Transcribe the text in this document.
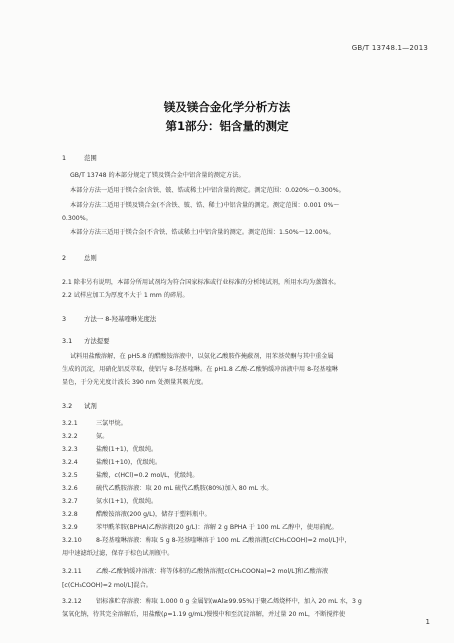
GB/T 13748.1—2013
镁及镁合金化学分析方法
第1部分：铝含量的测定
1	范围
GB/T 13748 的本部分规定了镁及镁合金中铝含量的测定方法。
本部分方法一适用于镁合金(含铁、铍、锆或稀土)中铝含量的测定。测定范围：0.020%～0.300%。
本部分方法二适用于镁及镁合金(不含铁、铍、锆、稀土)中铝含量的测定。测定范围：0.001 0%～
0.300%。
本部分方法三适用于镁合金(不含铁、锆或稀土)中铝含量的测定。测定范围：1.50%～12.00%。
2	总则
2.1 除非另有说明，本部分所用试剂均为符合国家标准或行业标准的分析纯试剂，所用水均为蒸馏水。
2.2 试样应加工为厚度不大于 1 mm 的碎屑。
3	方法一 8-羟基喹啉光度法
3.1 方法提要
试料用盐酸溶解，在 pH5.8 的醋酸铵溶液中，以氨化乙酸胺作掩蔽剂，用苯基荧酮与其中重金属
生成的沉淀，用硝化铝反萃取，使铝与 8-羟基喹啉。在 pH1.8 乙酸-乙酸钠缓冲溶液中用 8-羟基喹啉
显色，于分光光度计波长 390 nm 处测量其吸光度。
3.2 试剂
3.2.1	三氯甲烷。
3.2.2	氨。
3.2.3	盐酸(1+1)，优级纯。
3.2.4	盐酸(1+10)，优级纯。
3.2.5	盐酸，c(HCl)=0.2 mol/L，优级纯。
3.2.6	硫代乙酰胺溶液：取 20 mL 硫代乙酰胺(80%)加入 80 mL 水。
3.2.7	氨水(1+1)，优级纯。
3.2.8	醋酸铵溶液(200 g/L)，储存于塑料瓶中。
3.2.9	苯甲酰苯胺(BPHA)乙醇溶液(20 g/L)：溶解 2 g BPHA 于 100 mL 乙醇中，使用前配。
3.2.10 8-羟基喹啉溶液：称取 5 g 8-羟基喹啉溶于 100 mL 乙酸溶液[c(CH₃COOH)=2 mol/L]中，
用中速滤纸过滤，保存于棕色试剂瓶中。
3.2.11 乙酸-乙酸钠缓冲溶液：将等体积的乙酸钠溶液[c(CH₃COONa)=2 mol/L]和乙酸溶液
[c(CH₃COOH)=2 mol/L]混合。
3.2.12 铝标准贮存溶液：称取 1.000 0 g 金属铝(wAl≥99.95%)于聚乙烯烧杯中，加入 20 mL 水，3 g
氢氧化钠，待其完全溶解后，用盐酸(ρ=1.19 g/mL)慢慢中和至沉淀溶解，并过量 20 mL，不断搅拌使
1
